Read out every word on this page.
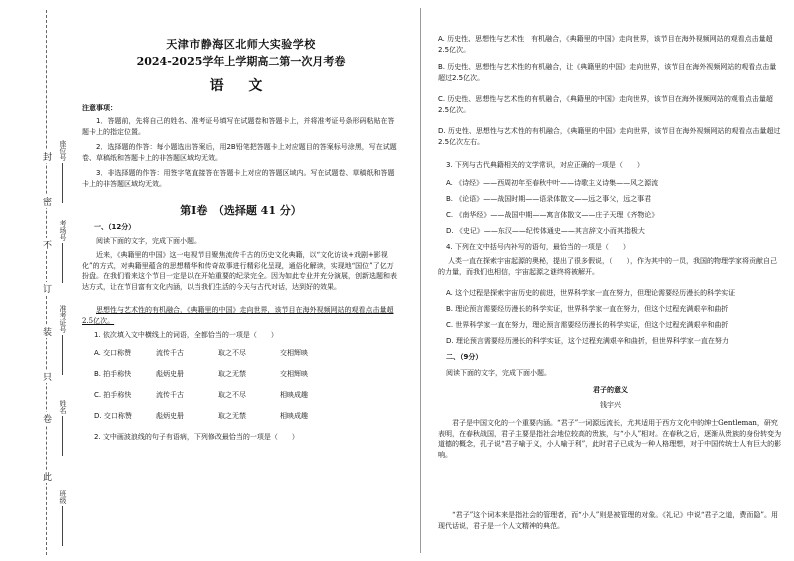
此
卷
只
装
订
不
密
封
班级
姓名
准考证号
考场号
座位号
天津市静海区北师大实验学校
2024-2025学年上学期高二第一次月考卷
语 文
注意事项：
1．答题前，先将自己的姓名、准考证号填写在试题卷和答题卡上，并将准考证号条形码粘贴在答题卡上的指定位置。
2．选择题的作答：每小题选出答案后，用2B铅笔把答题卡上对应题目的答案标号涂黑，写在试题卷、草稿纸和答题卡上的非答题区域均无效。
3．非选择题的作答：用签字笔直接答在答题卡上对应的答题区域内。写在试题卷、草稿纸和答题卡上的非答题区域均无效。
第Ⅰ卷　（选择题 41 分）
一、（12分）
阅读下面的文字，完成下面小题。
近来，《典籍里的中国》这一电视节目聚焦流传千古的历史文化典籍，以“文化访谈+戏剧+影视化”的方式，对典籍里蕴含的思想精华和传奇故事进行精彩化呈现，通俗化解读，实现地“国位”了亿万扮盘。在我们看来这个节目一定是以在开始重要的纪录完全。因为如此专业并充分演展，创新选题和表达方式，让在节目富有文化内涵，以当我们生活的今天与古代对话，达到好的效果。
思想性与艺术性的有机融合，《典籍里的中国》走向世界，该节目在海外视频网站的观看点击量超2.5亿次。
1. 依次填入文中横线上的词语，全都恰当的一项是（　　）
A. 交口称赞	流传千古	取之不尽	交相辉映
B. 拍手称快	彪炳史册	取之无禁	交相辉映
C. 拍手称快	流传千古	取之不尽	相映成趣
D. 交口称赞	彪炳史册	取之无禁	相映成趣
2. 文中画波浪线的句子有语病，下列修改最恰当的一项是（　　）
A. 历史性、思想性与艺术性　有机融合，《典籍里的中国》走向世界，该节目在海外视频网站的观看点击量超2.5亿次。
B. 历史性、思想性与艺术性的有机融合，让《典籍里的中国》走向世界，该节目在海外视频网站的观看点击量超过2.5亿次。
C. 历史性、思想性与艺术性的有机融合，《典籍里的中国》走向世界，该节目在海外视频网站的观看点击量超2.5亿次。
D. 历史性、思想性与艺术性的有机融合，《典籍里的中国》走向世界，该节目在海外视频网站的观看点击量超过2.5亿次左右。
3. 下列与古代典籍相关的文学常识，对应正确的一项是（　　）
A. 《诗经》——西周初年至春秋中叶——诗歌主义诗集——风之源流
B. 《论语》——战国时期——语录体散文——远之事父，远之事君
C. 《南华经》——战国中期——寓言体散文——庄子天理《齐物论》
D. 《史记》——东汉——纪传体通史——其言辞文小而其指极大
4. 下列在文中括号内补写的语句，最恰当的一项是（　　）
人类一直在探索宇宙起源的奥秘，提出了很多假说，（　　），作为其中的一员，我国的物理学家将贡献自己的力量，而我们也相信，宇宙起源之谜终将被解开。
A. 这个过程是探索宇宙历史的前进，世界科学家一直在努力，但理论需要经历漫长的科学实证
B. 理论预言需要经历漫长的科学实证，世界科学家一直在努力，但这个过程充满艰辛和曲折
C. 世界科学家一直在努力，理论预言需要经历漫长的科学实证，但这个过程充满艰辛和曲折
D. 理论预言需要经历漫长的科学实证，这个过程充满艰辛和曲折，但世界科学家一直在努力
二、（9分）
阅读下面的文字，完成下面小题。
君子的意义
钱宇兴
君子是中国文化的一个重要内涵。“君子”一词源远流长，尤其适用于西方文化中的绅士Gentleman，研究表明，在春秋战国，君子主要是指社会地位较高的贵族，与“小人”相对。在春秋之后，逐渐从贵族的身份转变为道德的概念，孔子说“君子喻于义，小人喻于利”，此时君子已成为一种人格理想，对于中国传统士人有巨大的影响。
“君子”这个词本来是指社会的管理者，而“小人”则是被管理的对象。《礼记》中说“君子之道，费而隐”。用现代话说，君子是一个人文精神的典范。
